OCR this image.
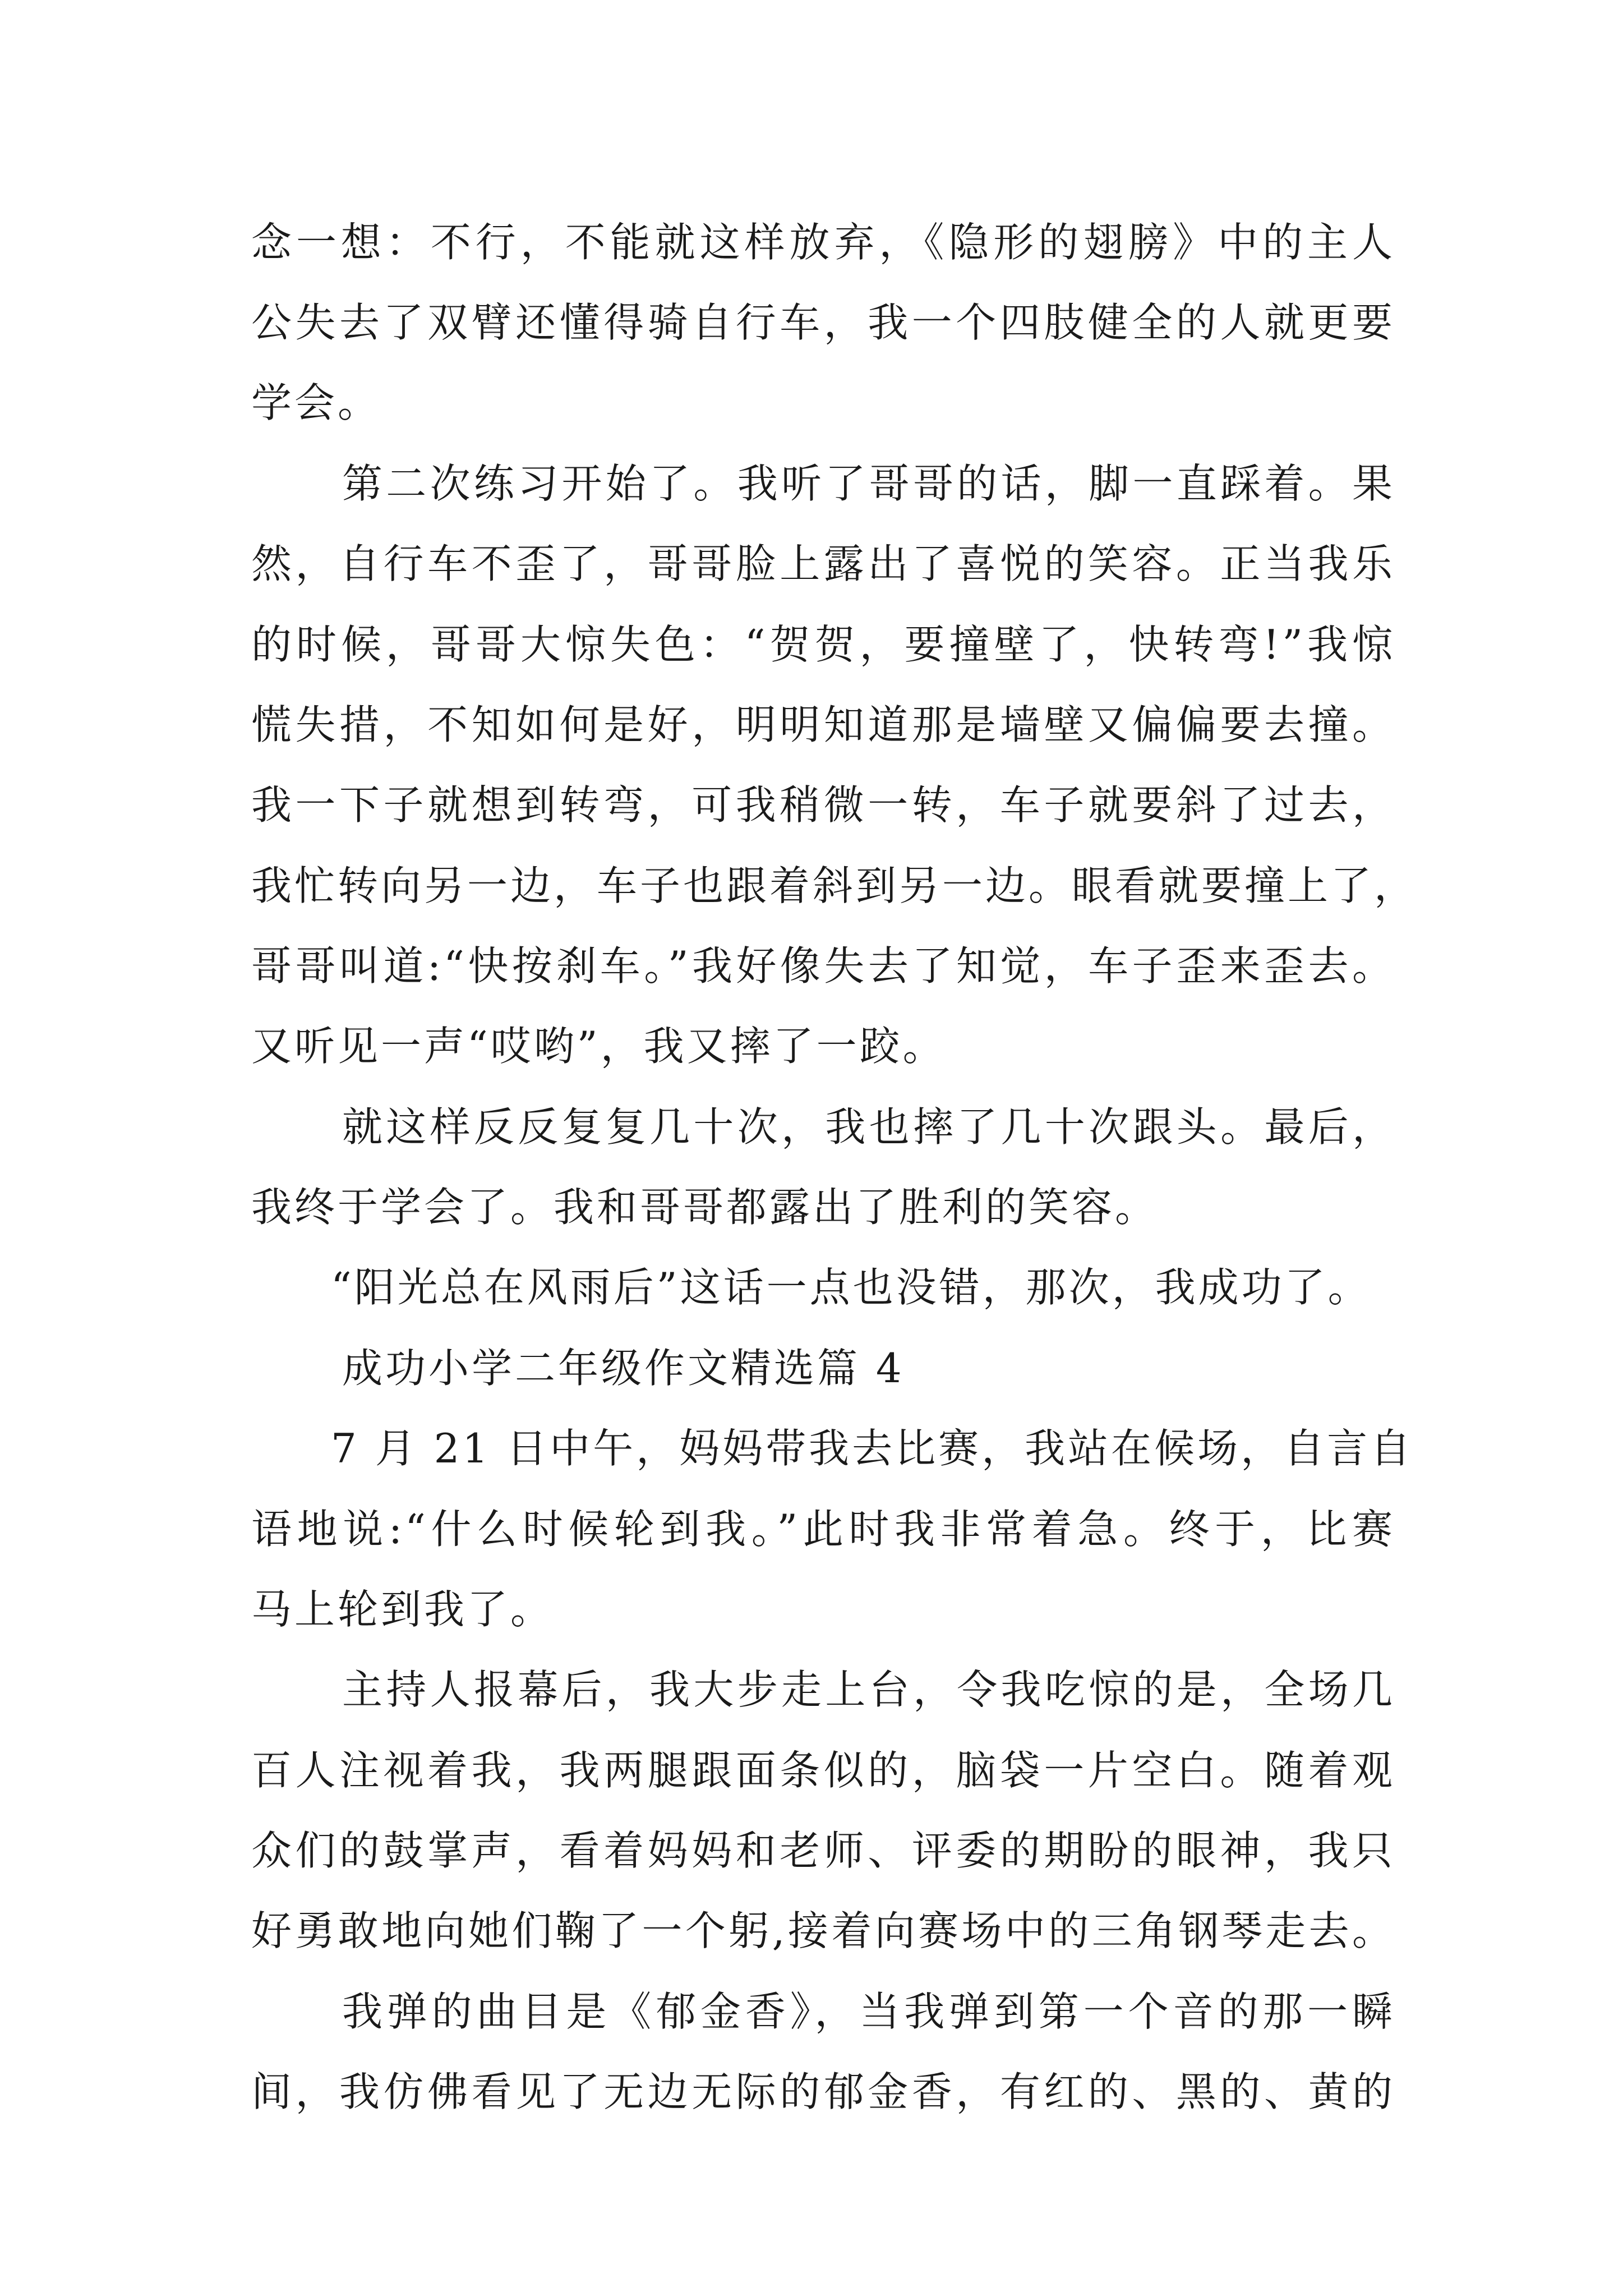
念一想：不行，不能就这样放弃，《隐形的翅膀》中的主人
公失去了双臂还懂得骑自行车，我一个四肢健全的人就更要
学会。
第二次练习开始了。我听了哥哥的话，脚一直踩着。果
然，自行车不歪了，哥哥脸上露出了喜悦的笑容。正当我乐
的时候，哥哥大惊失色：“贺贺，要撞壁了，快转弯!”我惊
慌失措，不知如何是好，明明知道那是墙壁又偏偏要去撞。
我一下子就想到转弯，可我稍微一转，车子就要斜了过去，
我忙转向另一边，车子也跟着斜到另一边。眼看就要撞上了，
哥哥叫道:“快按刹车。”我好像失去了知觉，车子歪来歪去。
又听见一声“哎哟”，我又摔了一跤。
就这样反反复复几十次，我也摔了几十次跟头。最后，
我终于学会了。我和哥哥都露出了胜利的笑容。
“阳光总在风雨后”这话一点也没错，那次，我成功了。
成功小学二年级作文精选篇 4
7 月 21 日中午，妈妈带我去比赛，我站在候场，自言自
语地说:“什么时候轮到我。”此时我非常着急。终于，比赛
马上轮到我了。
主持人报幕后，我大步走上台，令我吃惊的是，全场几
百人注视着我，我两腿跟面条似的，脑袋一片空白。随着观
众们的鼓掌声，看着妈妈和老师、评委的期盼的眼神，我只
好勇敢地向她们鞠了一个躬,接着向赛场中的三角钢琴走去。
我弹的曲目是《郁金香》，当我弹到第一个音的那一瞬
间，我仿佛看见了无边无际的郁金香，有红的、黑的、黄的
